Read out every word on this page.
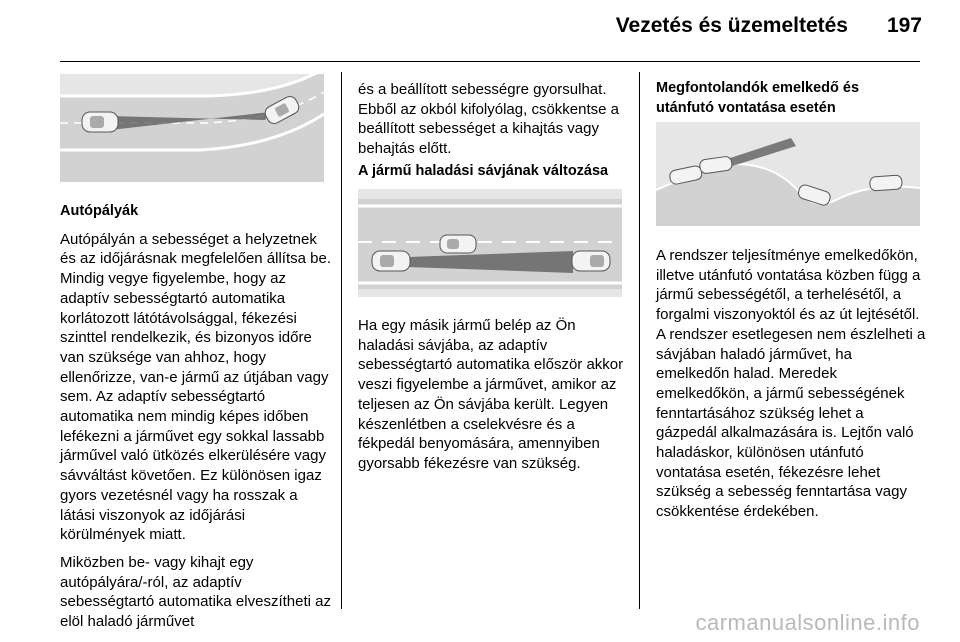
Vezetés és üzemeltetés 197

Autópályák

Autópályán a sebességet a helyzetnek és az időjárásnak megfelelően állítsa be. Mindig vegye figyelembe, hogy az adaptív sebességtartó automatika korlátozott látótávolsággal, fékezési szinttel rendelkezik, és bizonyos időre van szüksége van ahhoz, hogy ellenőrizze, van-e jármű az útjában vagy sem. Az adaptív sebességtartó automatika nem mindig képes időben lefékezni a járművet egy sokkal lassabb járművel való ütközés elkerülésére vagy sávváltást követően. Ez különösen igaz gyors vezetésnél vagy ha rosszak a látási viszonyok az időjárási körülmények miatt.

Miközben be- vagy kihajt egy autópályára/-ról, az adaptív sebességtartó automatika elveszítheti az elöl haladó járművet

és a beállított sebességre gyorsulhat. Ebből az okból kifolyólag, csökkentse a beállított sebességet a kihajtás vagy behajtás előtt.

A jármű haladási sávjának változása

Ha egy másik jármű belép az Ön haladási sávjába, az adaptív sebességtartó automatika először akkor veszi figyelembe a járművet, amikor az teljesen az Ön sávjába került. Legyen készenlétben a cselekvésre és a fékpedál benyomására, amennyiben gyorsabb fékezésre van szükség.

Megfontolandók emelkedő és utánfutó vontatása esetén

A rendszer teljesítménye emelkedőkön, illetve utánfutó vontatása közben függ a jármű sebességétől, a terhelésétől, a forgalmi viszonyoktól és az út lejtésétől. A rendszer esetlegesen nem észlelheti a sávjában haladó járművet, ha emelkedőn halad. Meredek emelkedőkön, a jármű sebességének fenntartásához szükség lehet a gázpedál alkalmazására is. Lejtőn való haladáskor, különösen utánfutó vontatása esetén, fékezésre lehet szükség a sebesség fenntartása vagy csökkentése érdekében.

carmanualsonline.info
